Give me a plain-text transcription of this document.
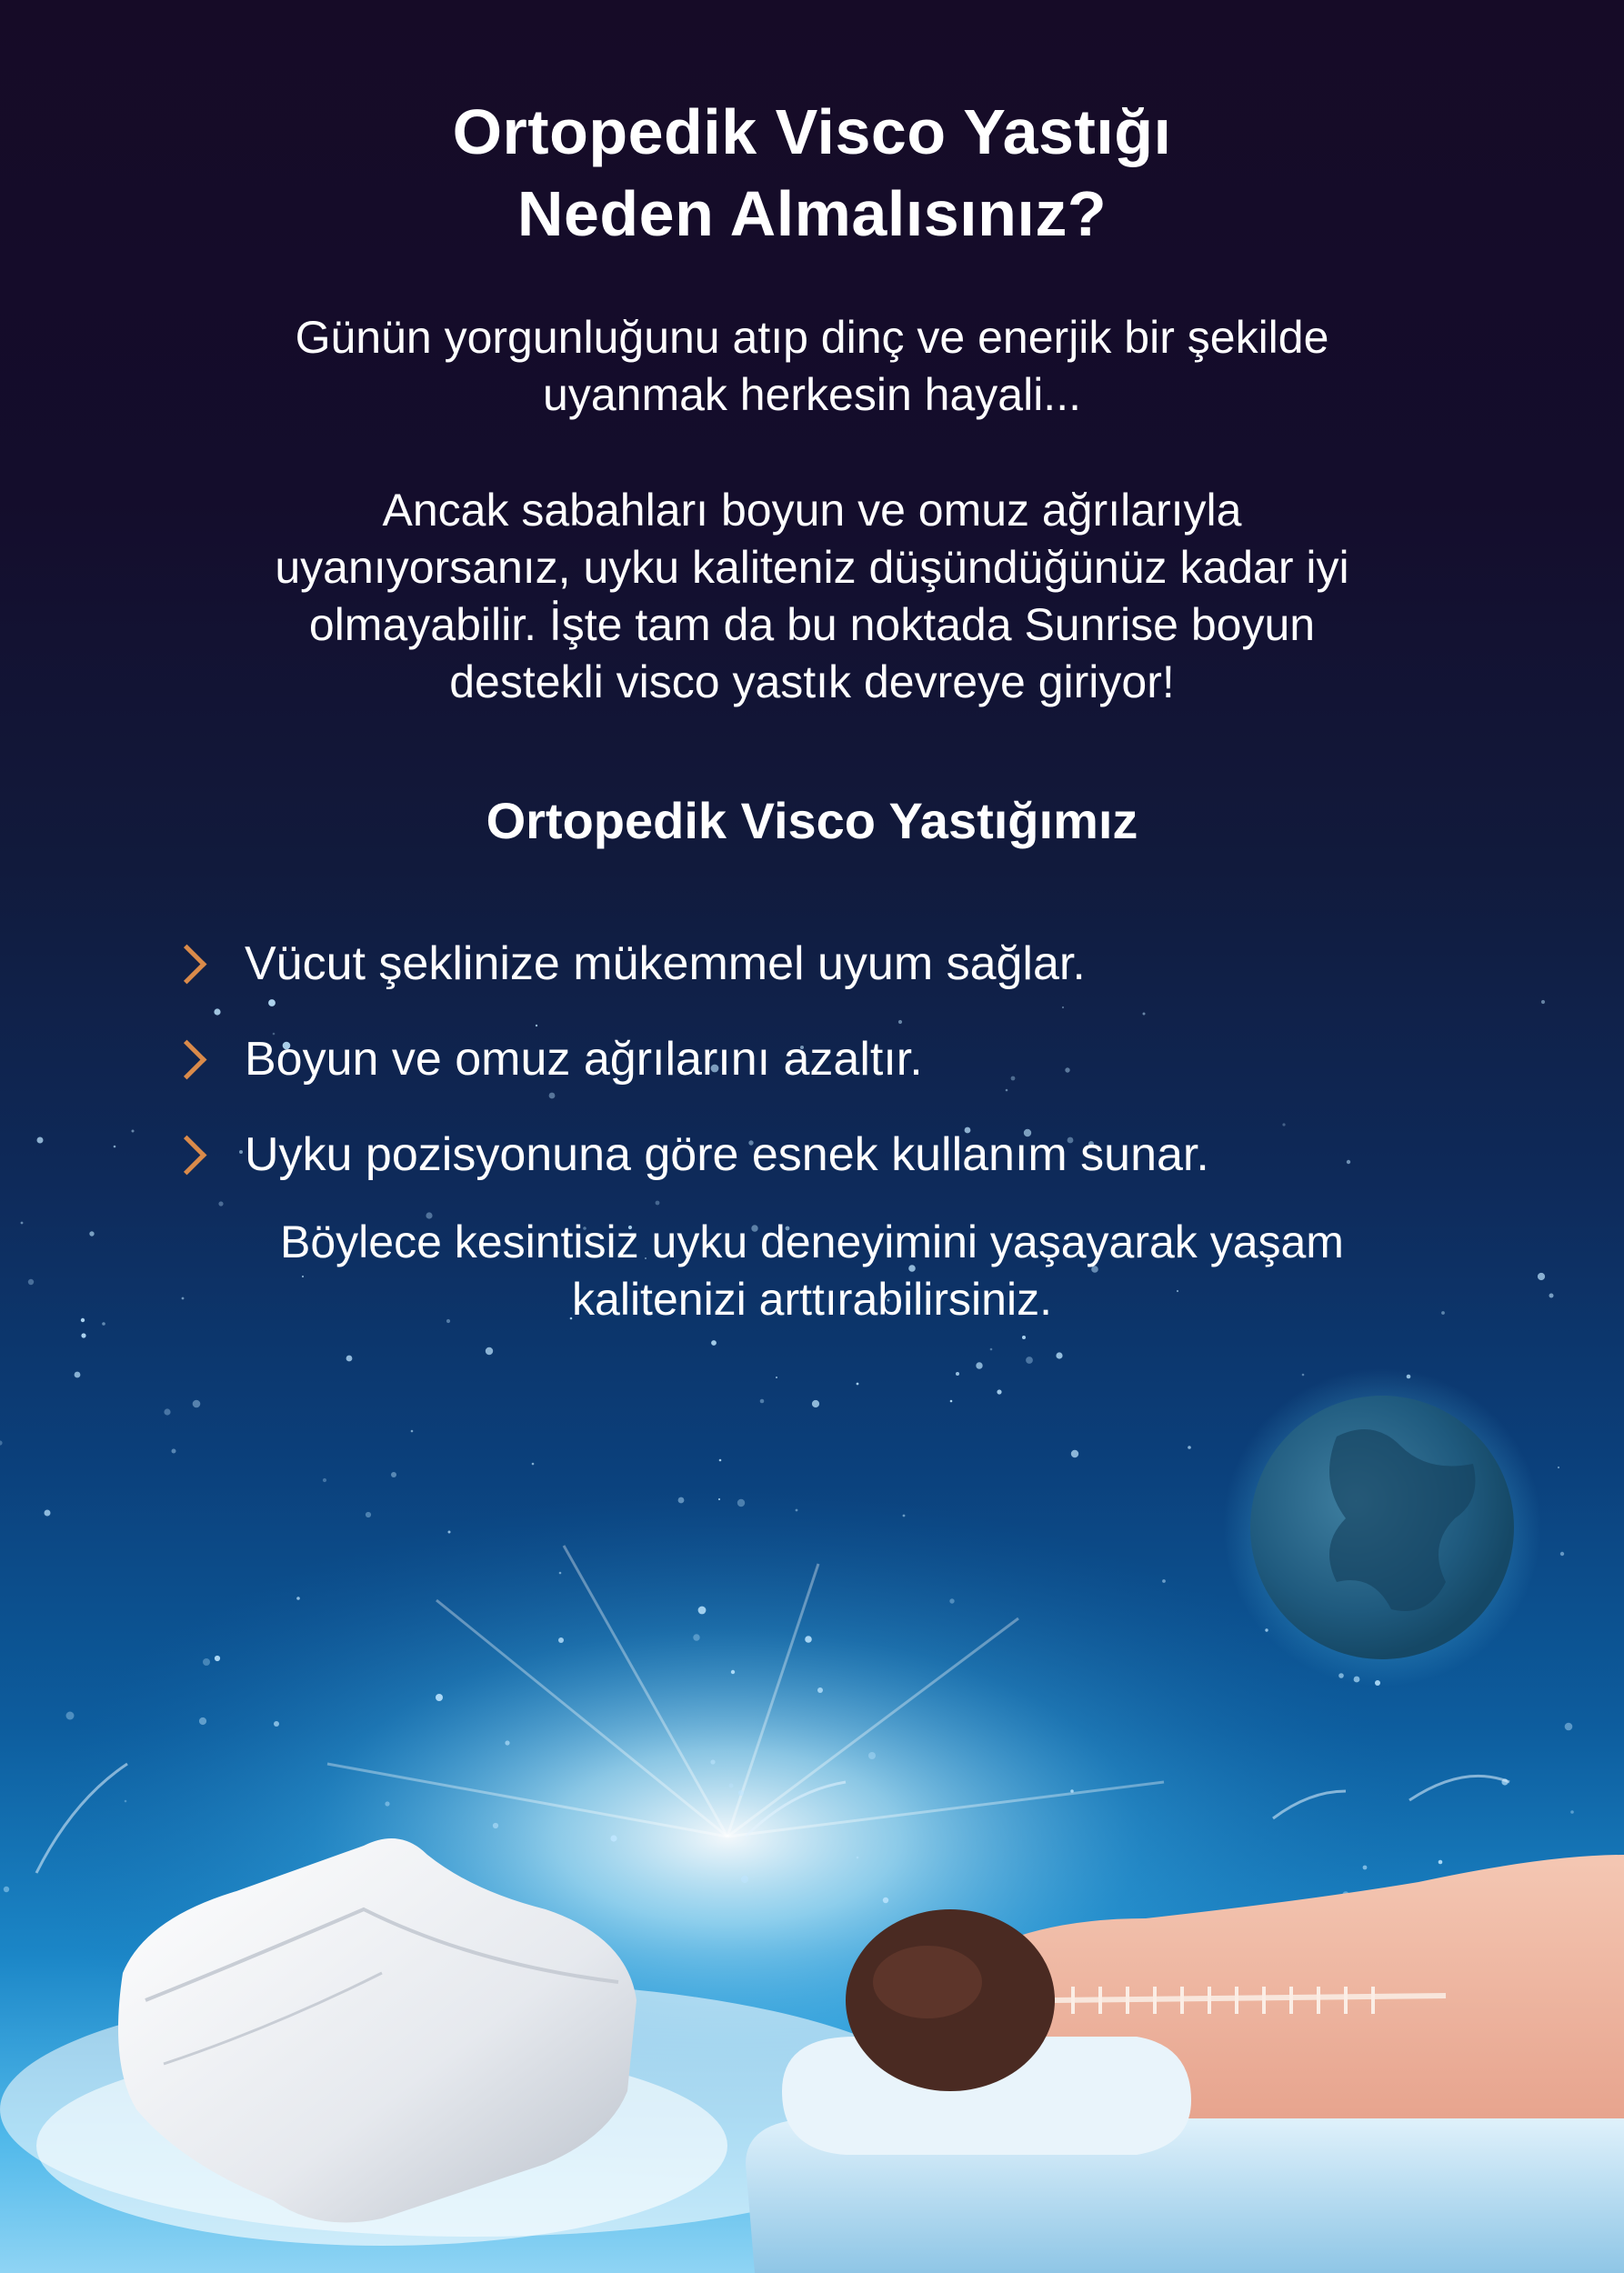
Ortopedik Visco Yastığı
Neden Almalısınız?
Günün yorgunluğunu atıp dinç ve enerjik bir şekilde
uyanmak herkesin hayali...
Ancak sabahları boyun ve omuz ağrılarıyla
uyanıyorsanız, uyku kaliteniz düşündüğünüz kadar iyi
olmayabilir. İşte tam da bu noktada Sunrise boyun
destekli visco yastık devreye giriyor!
Ortopedik Visco Yastığımız
Vücut şeklinize mükemmel uyum sağlar.
Boyun ve omuz ağrılarını azaltır.
Uyku pozisyonuna göre esnek kullanım sunar.
Böylece kesintisiz uyku deneyimini yaşayarak yaşam
kalitenizi arttırabilirsiniz.
